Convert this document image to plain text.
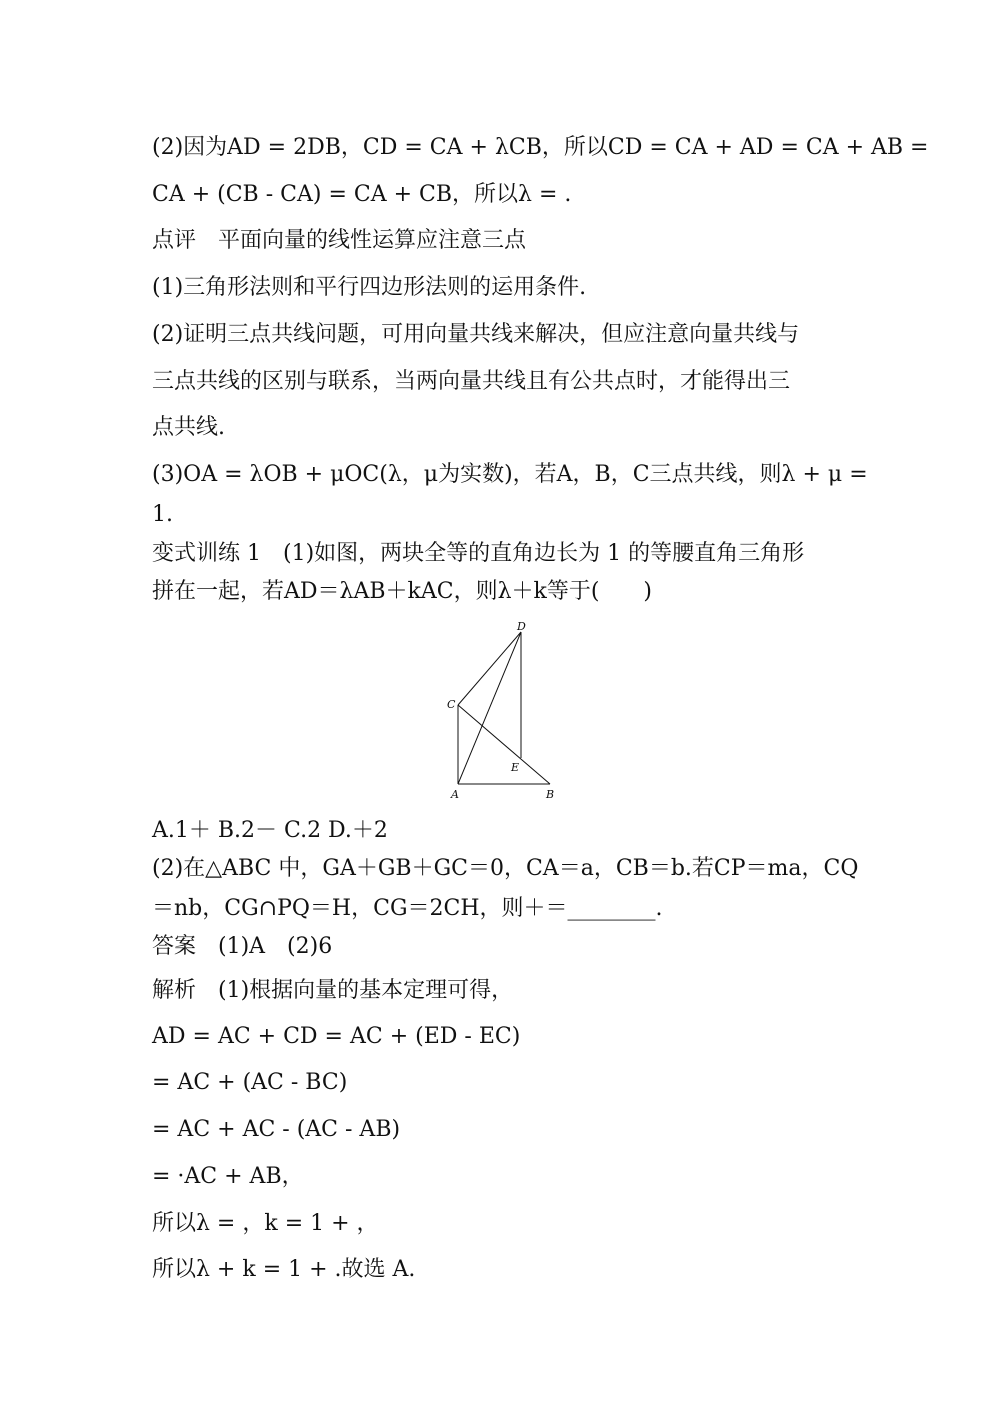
(2)因为AD = 2DB，CD = CA + λCB，所以CD = CA + AD = CA + AB =
CA + (CB - CA) = CA + CB，所以λ = .
点评　平面向量的线性运算应注意三点
(1)三角形法则和平行四边形法则的运用条件.
(2)证明三点共线问题，可用向量共线来解决，但应注意向量共线与
三点共线的区别与联系，当两向量共线且有公共点时，才能得出三
点共线.
(3)OA = λOB + μOC(λ，μ为实数)，若A，B，C三点共线，则λ + μ =
1.
变式训练 1　(1)如图，两块全等的直角边长为 1 的等腰直角三角形
拼在一起，若AD＝λAB＋kAC，则λ＋k等于(　　)
D
C
E
A	B
A.1＋ B.2－ C.2 D.＋2
(2)在△ABC 中，GA＋GB＋GC＝0，CA＝a，CB＝b.若CP＝ma，CQ
＝nb，CG∩PQ＝H，CG＝2CH，则＋＝________.
答案　(1)A　(2)6
解析　(1)根据向量的基本定理可得，
AD = AC + CD = AC + (ED - EC)
= AC + (AC - BC)
= AC + AC - (AC - AB)
= ·AC + AB，
所以λ = ，k = 1 + ，
所以λ + k = 1 + .故选 A.
